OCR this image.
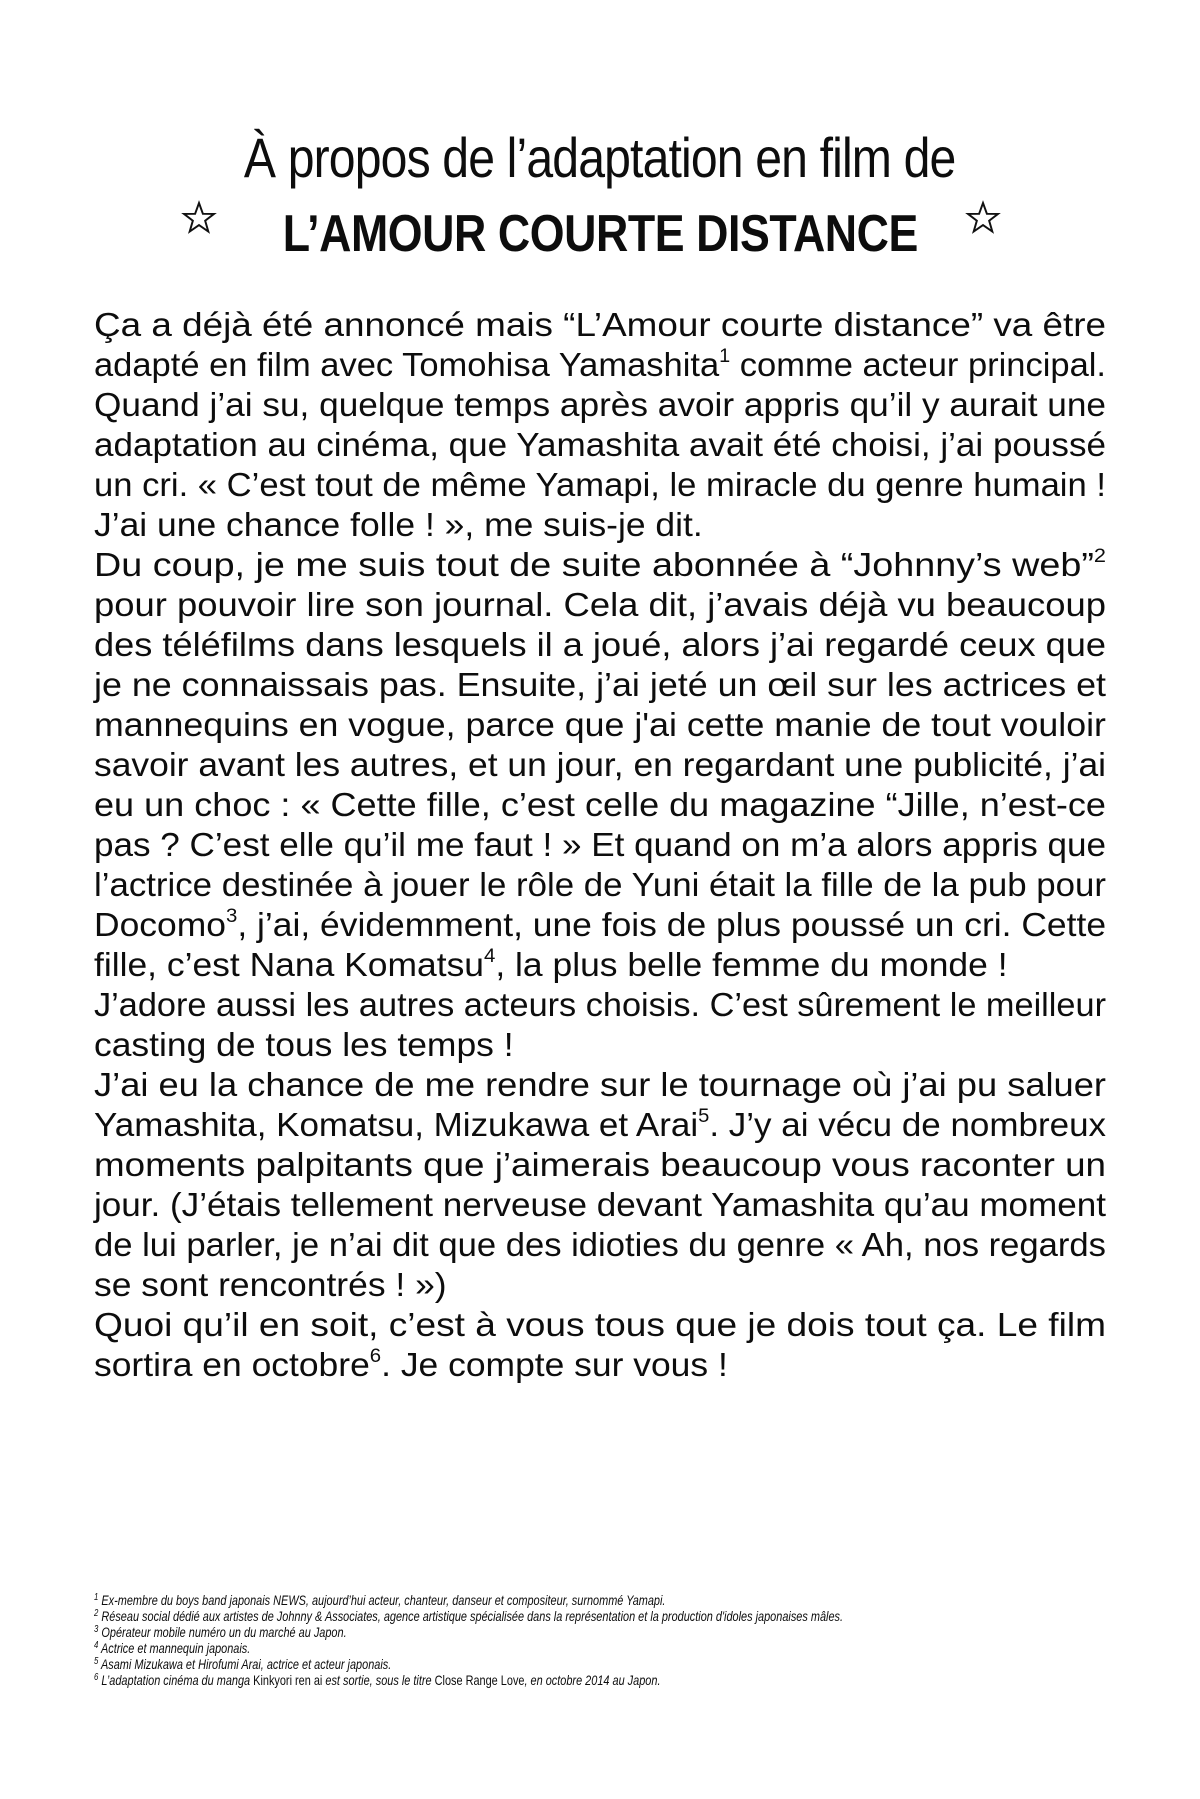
À propos de l’adaptation en film de
L’AMOUR COURTE DISTANCE
Ça a déjà été annoncé mais “L’Amour courte distance” va être
adapté en film avec Tomohisa Yamashita$^1$ comme acteur principal.
Quand j’ai su, quelque temps après avoir appris qu’il y aurait une
adaptation au cinéma, que Yamashita avait été choisi, j’ai poussé
un cri. « C’est tout de même Yamapi, le miracle du genre humain !
J’ai une chance folle ! », me suis-je dit.
Du coup, je me suis tout de suite abonnée à “Johnny’s web”$^2$
pour pouvoir lire son journal. Cela dit, j’avais déjà vu beaucoup
des téléfilms dans lesquels il a joué, alors j’ai regardé ceux que
je ne connaissais pas. Ensuite, j’ai jeté un œil sur les actrices et
mannequins en vogue, parce que j'ai cette manie de tout vouloir
savoir avant les autres, et un jour, en regardant une publicité, j’ai
eu un choc : « Cette fille, c’est celle du magazine “Jille, n’est-ce
pas ? C’est elle qu’il me faut ! » Et quand on m’a alors appris que
l’actrice destinée à jouer le rôle de Yuni était la fille de la pub pour
Docomo$^3$, j’ai, évidemment, une fois de plus poussé un cri. Cette
fille, c’est Nana Komatsu$^4$, la plus belle femme du monde !
J’adore aussi les autres acteurs choisis. C’est sûrement le meilleur
casting de tous les temps !
J’ai eu la chance de me rendre sur le tournage où j’ai pu saluer
Yamashita, Komatsu, Mizukawa et Arai$^5$. J’y ai vécu de nombreux
moments palpitants que j’aimerais beaucoup vous raconter un
jour. (J’étais tellement nerveuse devant Yamashita qu’au moment
de lui parler, je n’ai dit que des idioties du genre « Ah, nos regards
se sont rencontrés ! »)
Quoi qu’il en soit, c’est à vous tous que je dois tout ça. Le film
sortira en octobre$^6$. Je compte sur vous !
$^1$ Ex-membre du boys band japonais NEWS, aujourd’hui acteur, chanteur, danseur et compositeur, surnommé Yamapi.
$^2$ Réseau social dédié aux artistes de Johnny & Associates, agence artistique spécialisée dans la représentation et la production d'idoles japonaises mâles.
$^3$ Opérateur mobile numéro un du marché au Japon.
$^4$ Actrice et mannequin japonais.
$^5$ Asami Mizukawa et Hirofumi Arai, actrice et acteur japonais.
$^6$ L’adaptation cinéma du manga Kinkyori ren ai est sortie, sous le titre Close Range Love, en octobre 2014 au Japon.
